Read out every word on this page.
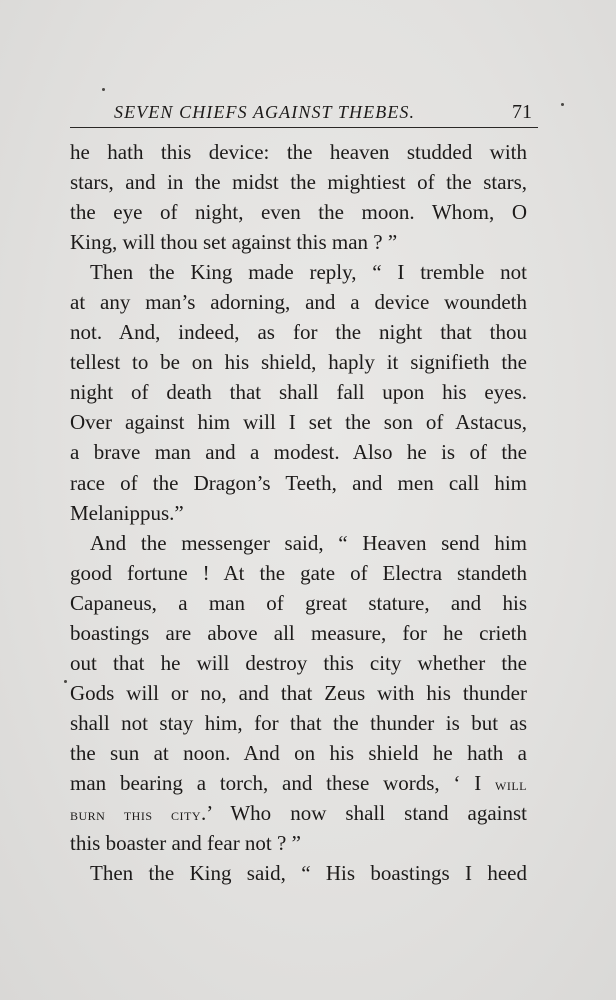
SEVEN CHIEFS AGAINST THEBES.	71
he hath this device: the heaven studded with
stars, and in the midst the mightiest of the stars,
the eye of night, even the moon. Whom, O
King, will thou set against this man ? ”
Then the King made reply, “ I tremble not
at any man’s adorning, and a device woundeth
not. And, indeed, as for the night that thou
tellest to be on his shield, haply it signifieth the
night of death that shall fall upon his eyes.
Over against him will I set the son of Astacus,
a brave man and a modest. Also he is of the
race of the Dragon’s Teeth, and men call him
Melanippus.”
And the messenger said, “ Heaven send him
good fortune ! At the gate of Electra standeth
Capaneus, a man of great stature, and his
boastings are above all measure, for he crieth
out that he will destroy this city whether the
Gods will or no, and that Zeus with his thunder
shall not stay him, for that the thunder is but as
the sun at noon. And on his shield he hath a
man bearing a torch, and these words, ‘ I will
burn this city.’ Who now shall stand against
this boaster and fear not ? ”
Then the King said, “ His boastings I heed
